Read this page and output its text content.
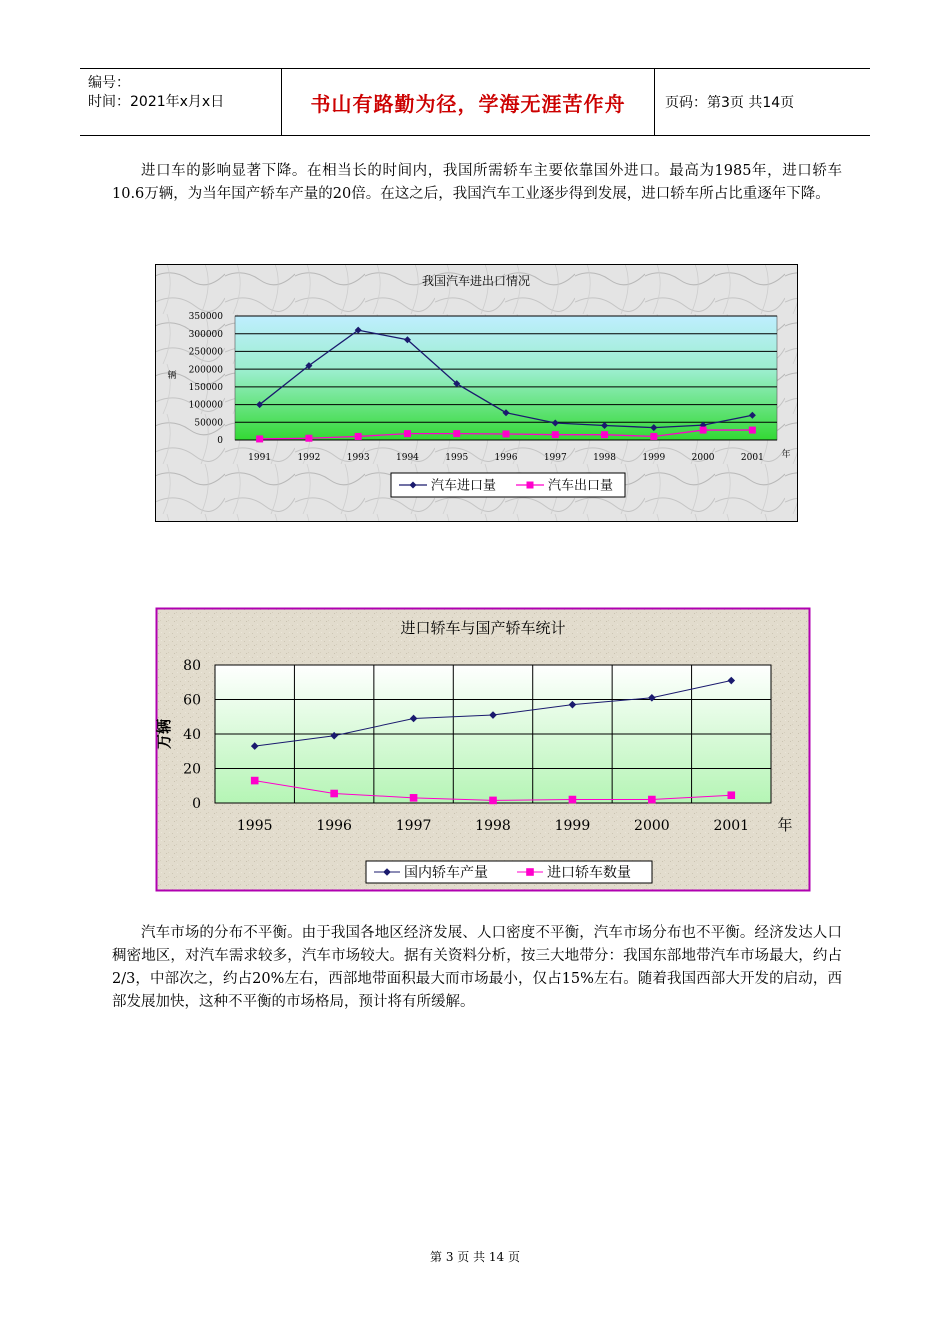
编号：
时间：2021年x月x日	书山有路勤为径，学海无涯苦作舟	页码：第3页 共14页

进口车的影响显著下降。在相当长的时间内，我国所需轿车主要依靠国外进口。最高为1985年，进口轿车10.6万辆，为当年国产轿车产量的20倍。在这之后，我国汽车工业逐步得到发展，进口轿车所占比重逐年下降。

我国汽车进出口情况
350000
300000
250000
200000
150000
100000
50000
0
辆
1991	1992	1993	1994	1995	1996	1997	1998	1999	2000	2001 年
汽车进口量	汽车出口量
进口轿车与国产轿车统计
80
60
40
20
0
万辆
1995	1996	1997	1998	1999	2000	2001 年
国内轿车产量	进口轿车数量

汽车市场的分布不平衡。由于我国各地区经济发展、人口密度不平衡，汽车市场分布也不平衡。经济发达人口稠密地区，对汽车需求较多，汽车市场较大。据有关资料分析，按三大地带分：我国东部地带汽车市场最大，约占2/3，中部次之，约占20%左右，西部地带面积最大而市场最小，仅占15%左右。随着我国西部大开发的启动，西部发展加快，这种不平衡的市场格局，预计将有所缓解。

第 3 页 共 14 页
